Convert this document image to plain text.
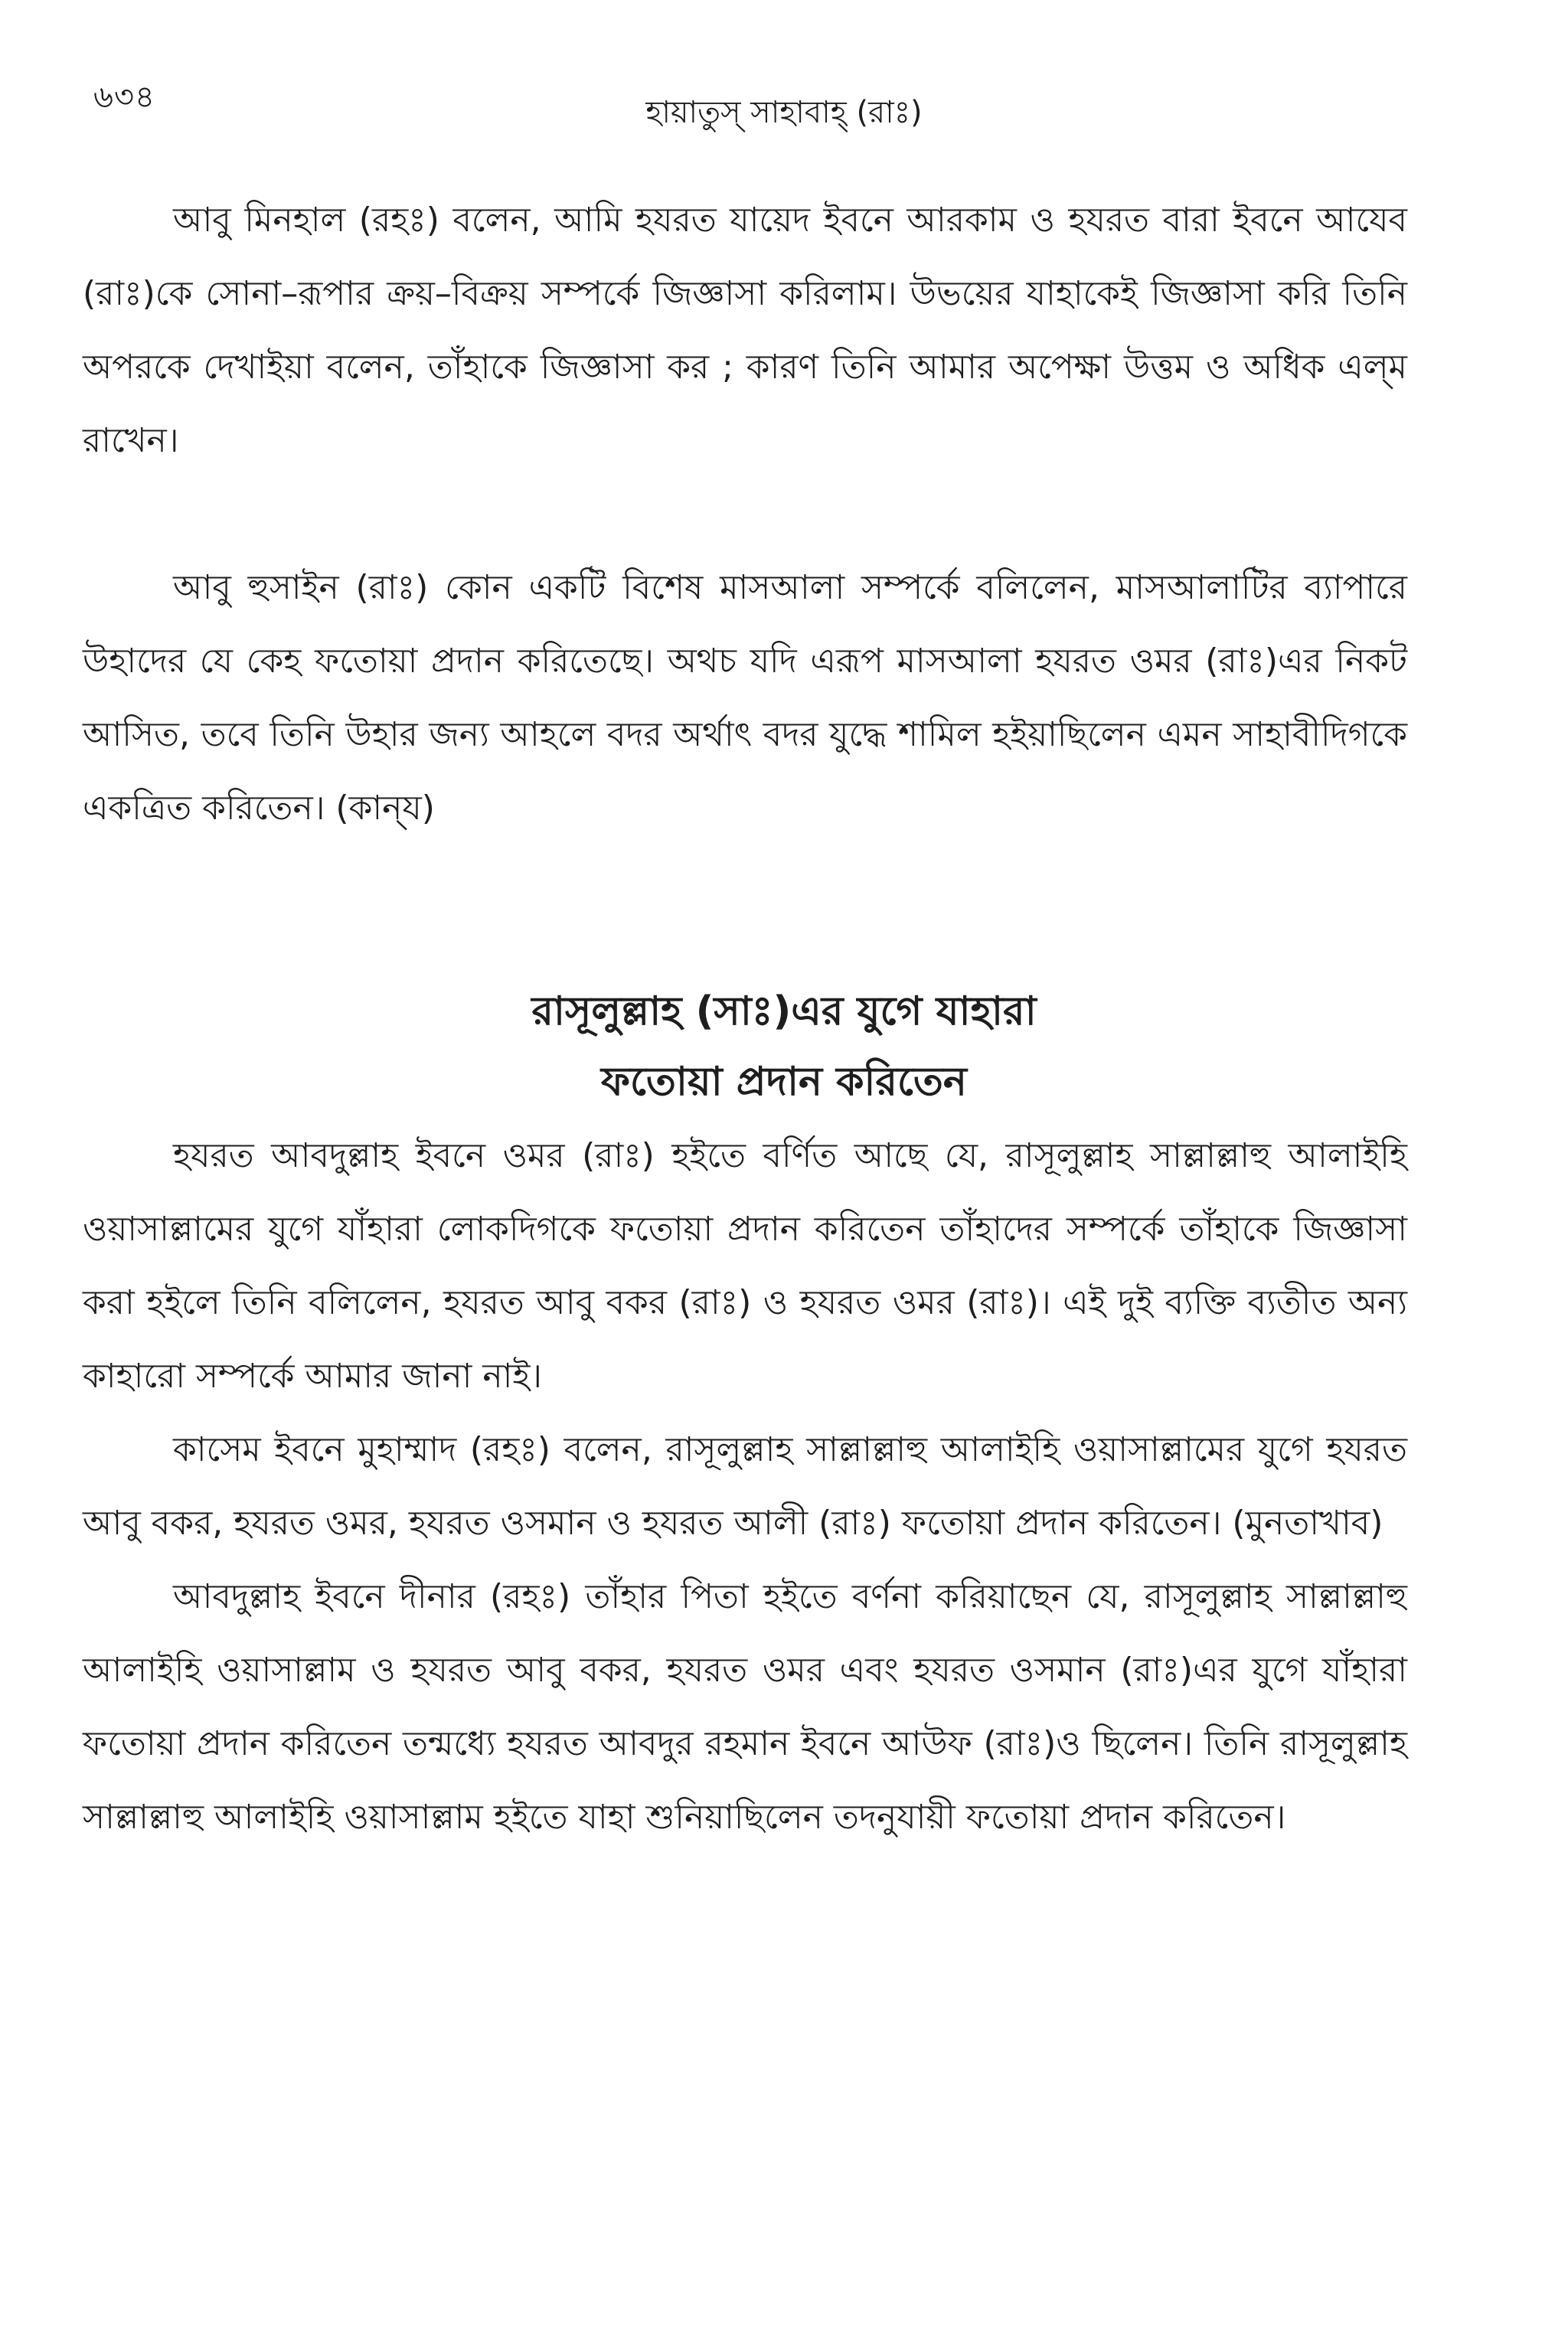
৬৩৪	হায়াতুস্ সাহাবাহ্ (রাঃ)

আবু মিনহাল (রহঃ) বলেন, আমি হযরত যায়েদ ইবনে আরকাম ও হযরত বারা ইবনে আযেব (রাঃ)কে সোনা–রূপার ক্রয়–বিক্রয় সম্পর্কে জিজ্ঞাসা করিলাম। উভয়ের যাহাকেই জিজ্ঞাসা করি তিনি অপরকে দেখাইয়া বলেন, তাঁহাকে জিজ্ঞাসা কর ; কারণ তিনি আমার অপেক্ষা উত্তম ও অধিক এল্‌ম রাখেন।

আবু হুসাইন (রাঃ) কোন একটি বিশেষ মাসআলা সম্পর্কে বলিলেন, মাসআলাটির ব্যাপারে উহাদের যে কেহ ফতোয়া প্রদান করিতেছে। অথচ যদি এরূপ মাসআলা হযরত ওমর (রাঃ)এর নিকট আসিত, তবে তিনি উহার জন্য আহলে বদর অর্থাৎ বদর যুদ্ধে শামিল হইয়াছিলেন এমন সাহাবীদিগকে একত্রিত করিতেন। (কান্‌য)

রাসূলুল্লাহ (সাঃ)এর যুগে যাহারা
ফতোয়া প্রদান করিতেন

হযরত আবদুল্লাহ ইবনে ওমর (রাঃ) হইতে বর্ণিত আছে যে, রাসূলুল্লাহ সাল্লাল্লাহু আলাইহি ওয়াসাল্লামের যুগে যাঁহারা লোকদিগকে ফতোয়া প্রদান করিতেন তাঁহাদের সম্পর্কে তাঁহাকে জিজ্ঞাসা করা হইলে তিনি বলিলেন, হযরত আবু বকর (রাঃ) ও হযরত ওমর (রাঃ)। এই দুই ব্যক্তি ব্যতীত অন্য কাহারো সম্পর্কে আমার জানা নাই।

কাসেম ইবনে মুহাম্মাদ (রহঃ) বলেন, রাসূলুল্লাহ সাল্লাল্লাহু আলাইহি ওয়াসাল্লামের যুগে হযরত আবু বকর, হযরত ওমর, হযরত ওসমান ও হযরত আলী (রাঃ) ফতোয়া প্রদান করিতেন। (মুনতাখাব)

আবদুল্লাহ ইবনে দীনার (রহঃ) তাঁহার পিতা হইতে বর্ণনা করিয়াছেন যে, রাসূলুল্লাহ সাল্লাল্লাহু আলাইহি ওয়াসাল্লাম ও হযরত আবু বকর, হযরত ওমর এবং হযরত ওসমান (রাঃ)এর যুগে যাঁহারা ফতোয়া প্রদান করিতেন তন্মধ্যে হযরত আবদুর রহমান ইবনে আউফ (রাঃ)ও ছিলেন। তিনি রাসূলুল্লাহ সাল্লাল্লাহু আলাইহি ওয়াসাল্লাম হইতে যাহা শুনিয়াছিলেন তদনুযায়ী ফতোয়া প্রদান করিতেন।
